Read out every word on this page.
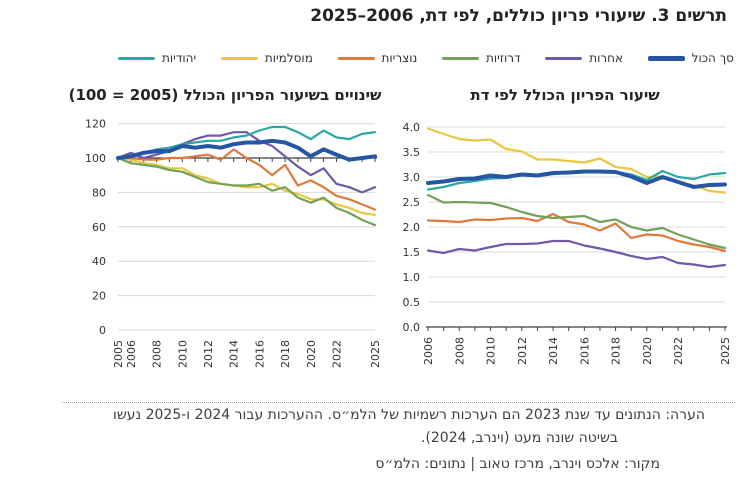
תרשים 3. שיעורי פריון כוללים, לפי דת, 2006–2025
יהודיות	מוסלמיות	נוצריות	דרוזיות	אחרות	סך הכול
שינויים בשיעור הפריון הכולל (2005 = 100)	שיעור הפריון הכולל לפי דת
0
20
40
60
80
100
120
2005 2006 2008 2010 2012 2014 2016 2018 2020 2022 2025
0.0
0.5
1.0
1.5
2.0
2.5
3.0
3.5
4.0
2006 2008 2010 2012 2014 2016 2018 2020 2022	2025
הערה: הנתונים עד שנת 2023 הם הערכות רשמיות של הלמ״ס. ההערכות עבור 2024 ו-2025 נעשו
בשיטה שונה מעט (וינרב, 2024).
מקור: אלכס וינרב, מרכז טאוב | נתונים: הלמ״ס
